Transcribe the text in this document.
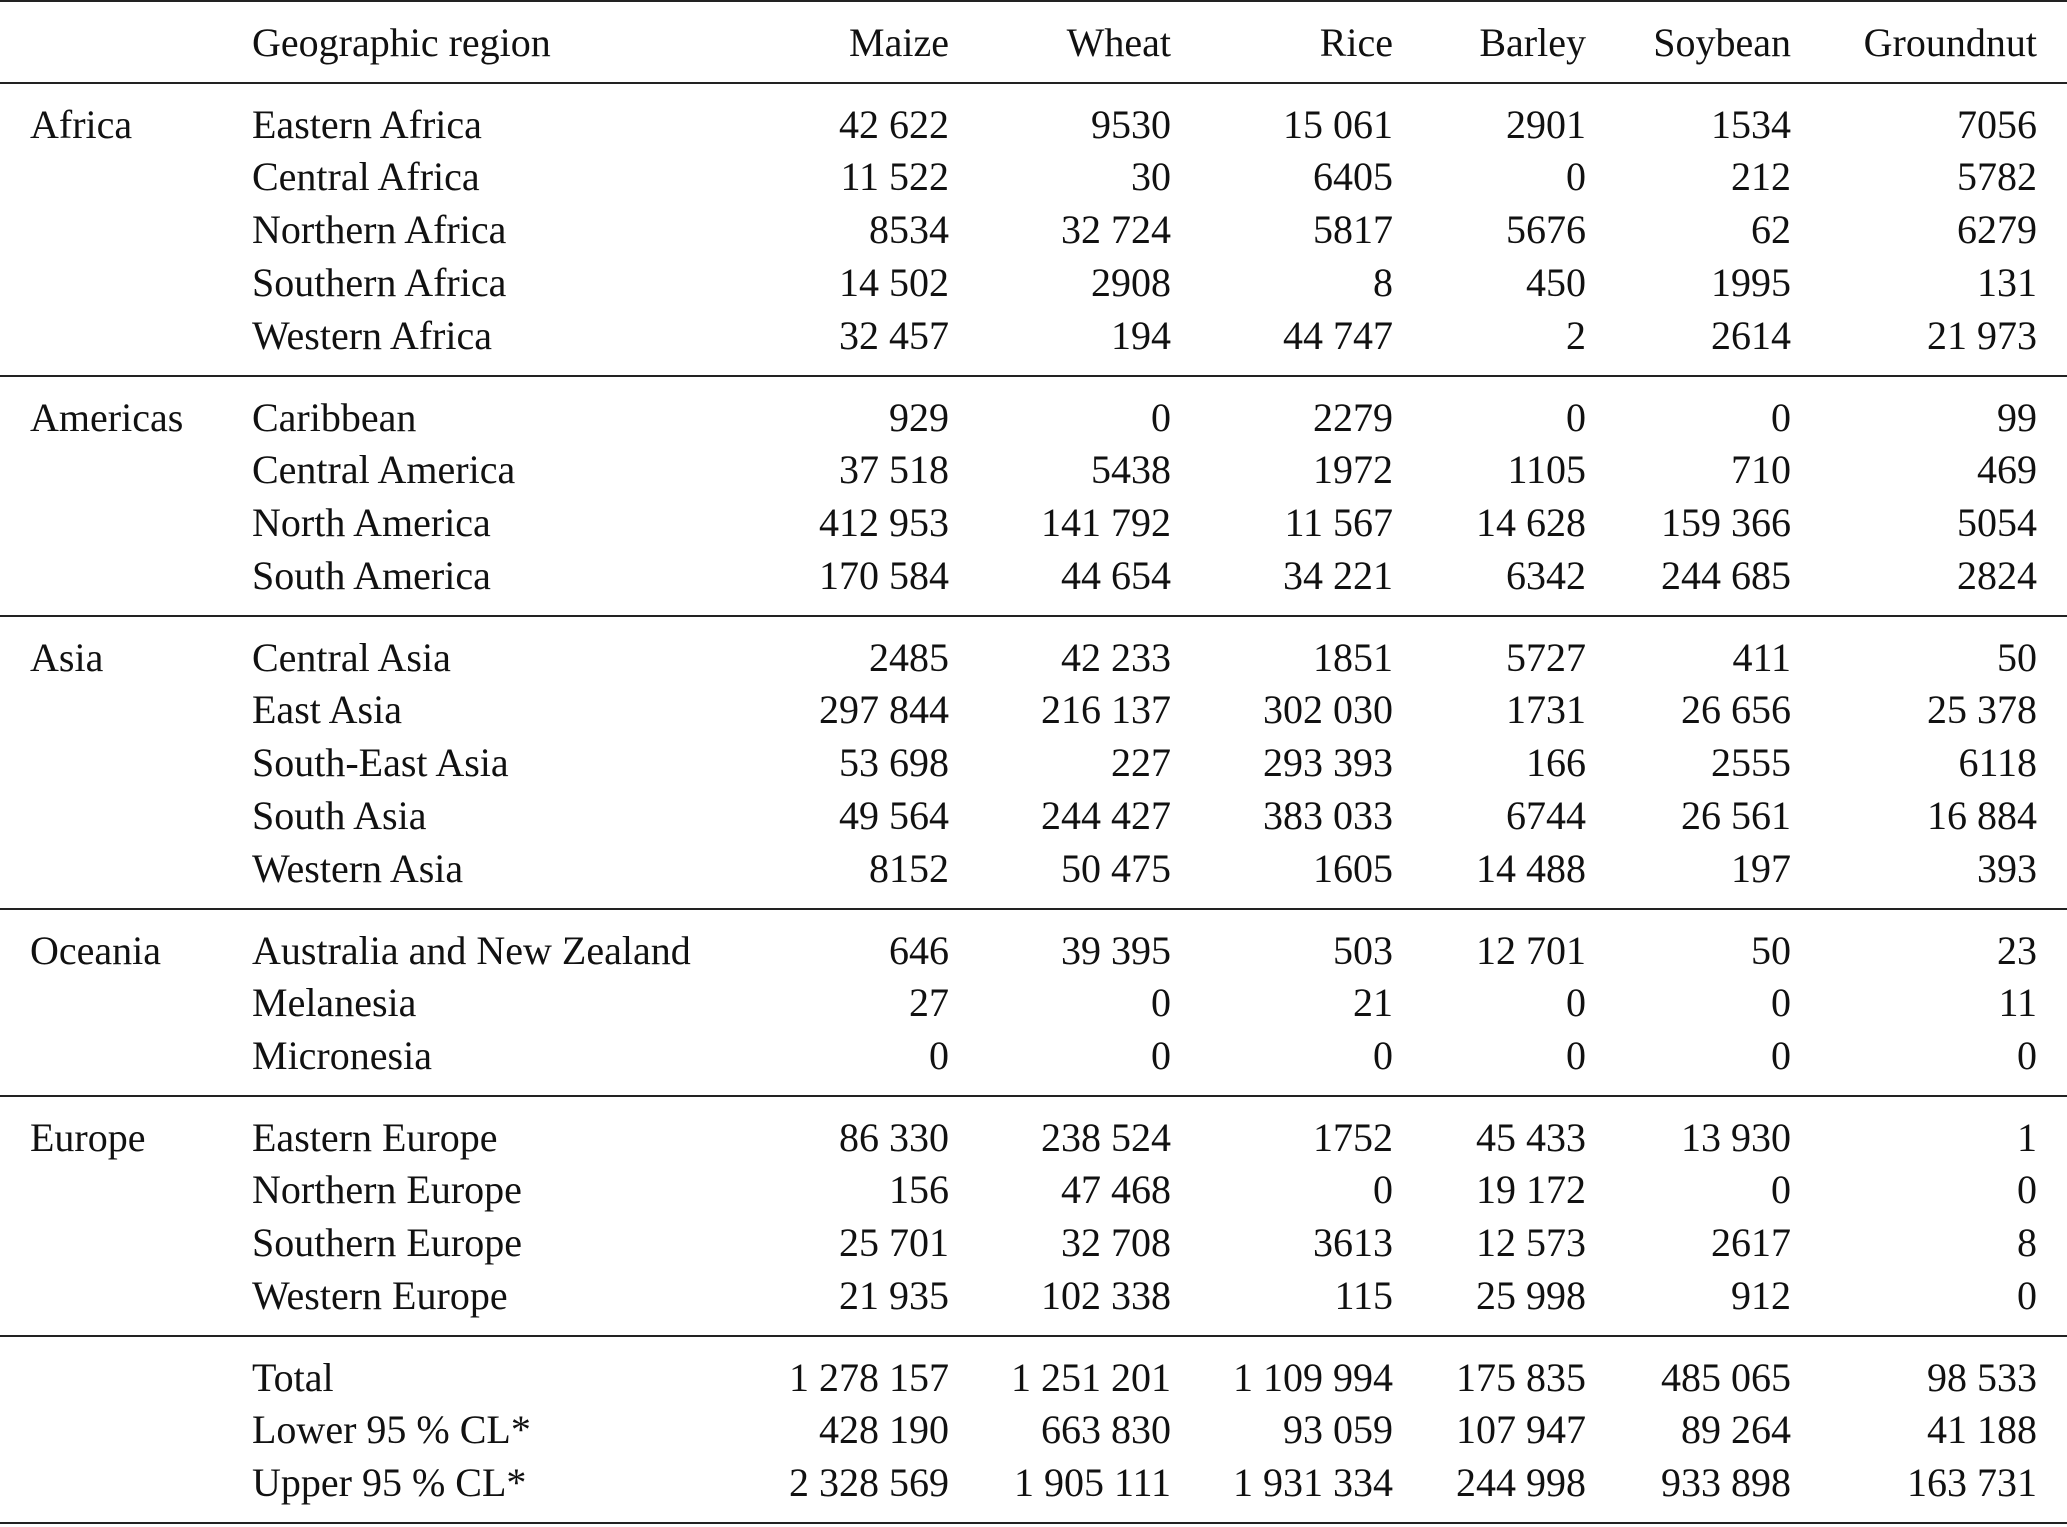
	Geographic region	Maize	Wheat	Rice	Barley	Soybean	Groundnut
Africa	Eastern Africa	42 622	9530	15 061	2901	1534	7056
	Central Africa	11 522	30	6405	0	212	5782
	Northern Africa	8534	32 724	5817	5676	62	6279
	Southern Africa	14 502	2908	8	450	1995	131
	Western Africa	32 457	194	44 747	2	2614	21 973
Americas	Caribbean	929	0	2279	0	0	99
	Central America	37 518	5438	1972	1105	710	469
	North America	412 953	141 792	11 567	14 628	159 366	5054
	South America	170 584	44 654	34 221	6342	244 685	2824
Asia	Central Asia	2485	42 233	1851	5727	411	50
	East Asia	297 844	216 137	302 030	1731	26 656	25 378
	South-East Asia	53 698	227	293 393	166	2555	6118
	South Asia	49 564	244 427	383 033	6744	26 561	16 884
	Western Asia	8152	50 475	1605	14 488	197	393
Oceania	Australia and New Zealand	646	39 395	503	12 701	50	23
	Melanesia	27	0	21	0	0	11
	Micronesia	0	0	0	0	0	0
Europe	Eastern Europe	86 330	238 524	1752	45 433	13 930	1
	Northern Europe	156	47 468	0	19 172	0	0
	Southern Europe	25 701	32 708	3613	12 573	2617	8
	Western Europe	21 935	102 338	115	25 998	912	0
	Total	1 278 157	1 251 201	1 109 994	175 835	485 065	98 533
	Lower 95 % CL*	428 190	663 830	93 059	107 947	89 264	41 188
	Upper 95 % CL*	2 328 569	1 905 111	1 931 334	244 998	933 898	163 731
